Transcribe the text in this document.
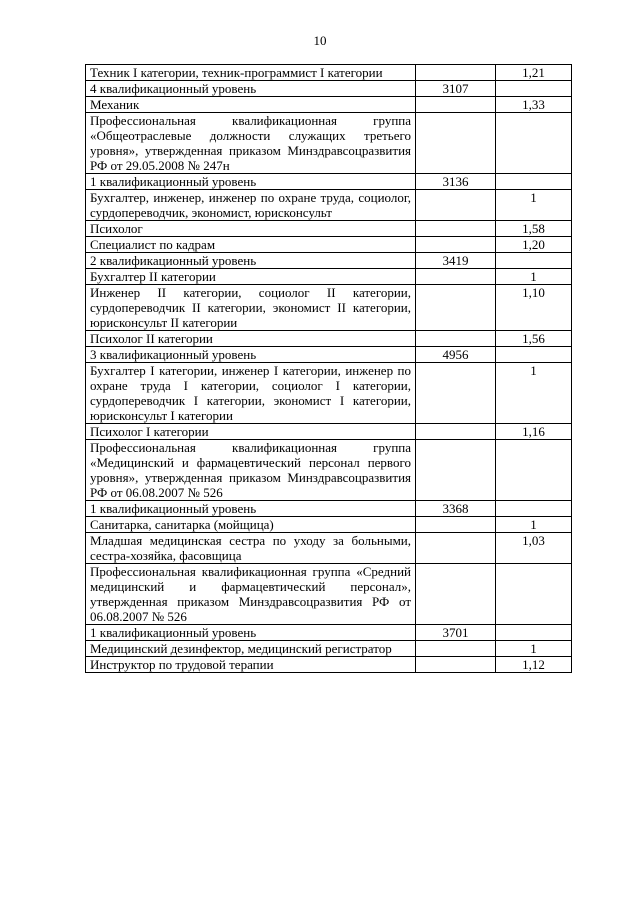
10
Техник I категории, техник-программист I категории		1,21
4 квалификационный уровень	3107	
Механик		1,33
Профессиональная квалификационная группа «Общеотраслевые должности служащих третьего уровня», утвержденная приказом Минздравсоцразвития РФ от 29.05.2008 № 247н		
1 квалификационный уровень	3136	
Бухгалтер, инженер, инженер по охране труда, социолог, сурдопереводчик, экономист, юрисконсульт		1
Психолог		1,58
Специалист по кадрам		1,20
2 квалификационный уровень	3419	
Бухгалтер II категории		1
Инженер II категории, социолог II категории, сурдопереводчик II категории, экономист II категории, юрисконсульт II категории		1,10
Психолог II категории		1,56
3 квалификационный уровень	4956	
Бухгалтер I категории, инженер I категории, инженер по охране труда I категории, социолог I категории, сурдопереводчик I категории, экономист I категории, юрисконсульт I категории		1
Психолог I категории		1,16
Профессиональная квалификационная группа «Медицинский и фармацевтический персонал первого уровня», утвержденная приказом Минздравсоцразвития РФ от 06.08.2007 № 526		
1 квалификационный уровень	3368	
Санитарка, санитарка (мойщица)		1
Младшая медицинская сестра по уходу за больными, сестра-хозяйка, фасовщица		1,03
Профессиональная квалификационная группа «Средний медицинский и фармацевтический персонал», утвержденная приказом Минздравсоцразвития РФ от 06.08.2007 № 526		
1 квалификационный уровень	3701	
Медицинский дезинфектор, медицинский регистратор		1
Инструктор по трудовой терапии		1,12
